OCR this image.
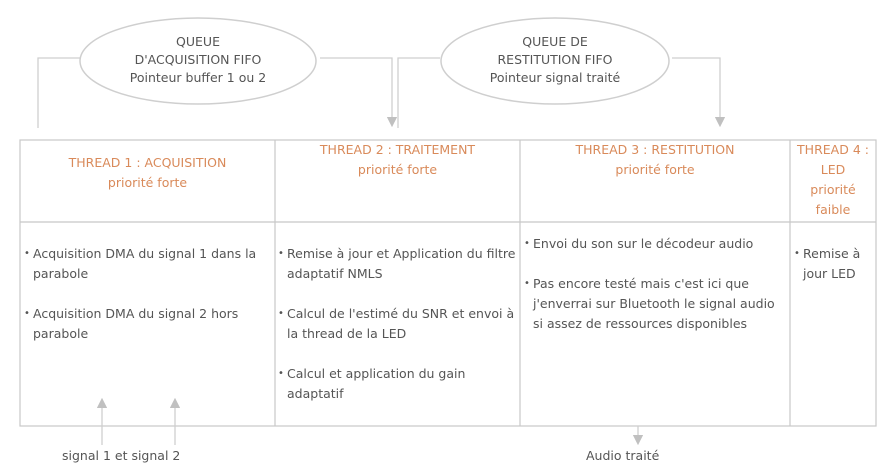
QUEUE
D'ACQUISITION FIFO
Pointeur buffer 1 ou 2
QUEUE DE
RESTITUTION FIFO
Pointeur signal traité
THREAD 1 : ACQUISITION
priorité forte
THREAD 2 : TRAITEMENT
priorité forte
THREAD 3 : RESTITUTION
priorité forte
THREAD 4 : LED
priorité faible
• Acquisition DMA du signal 1 dans la parabole
• Acquisition DMA du signal 2 hors parabole
• Remise à jour et Application du filtre adaptatif NMLS
• Calcul de l'estimé du SNR et envoi à la thread de la LED
• Calcul et application du gain adaptatif
• Envoi du son sur le décodeur audio
• Pas encore testé mais c'est ici que j'enverrai sur Bluetooth le signal audio si assez de ressources disponibles
• Remise à jour LED
signal 1 et signal 2	Audio traité
